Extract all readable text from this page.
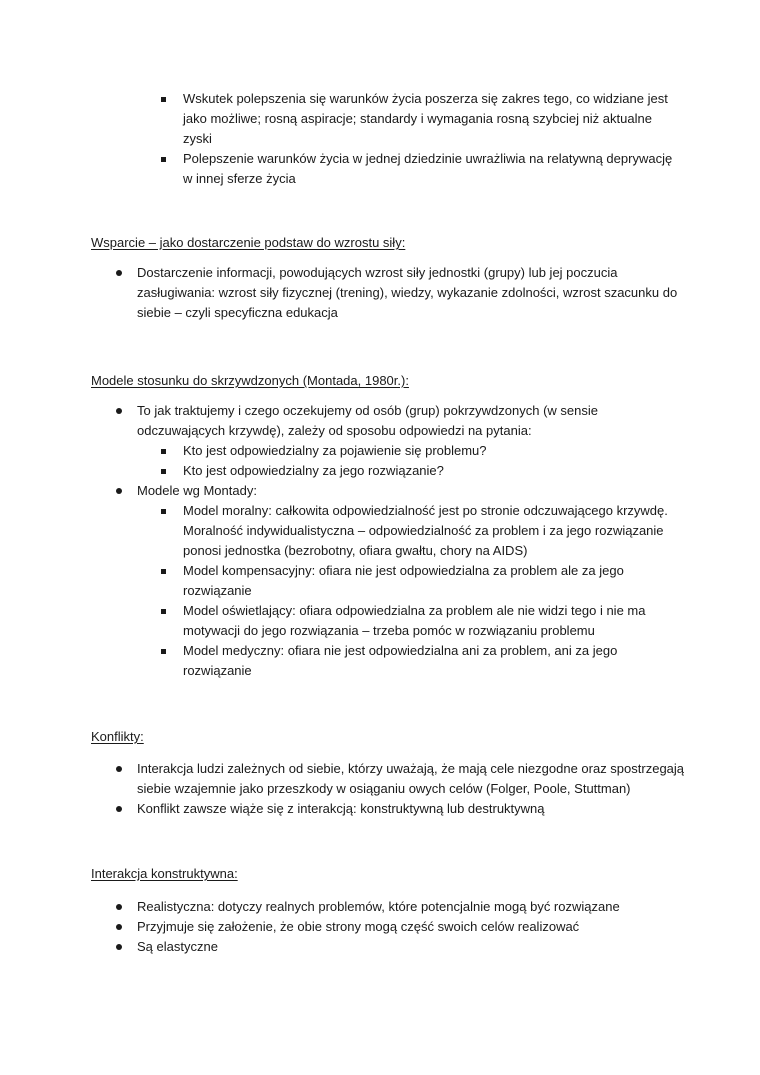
Wskutek polepszenia się warunków życia poszerza się zakres tego, co widziane jest
jako możliwe; rosną aspiracje; standardy i wymagania rosną szybciej niż aktualne
zyski
Polepszenie warunków życia w jednej dziedzinie uwrażliwia na relatywną deprywację
w innej sferze życia

Wsparcie – jako dostarczenie podstaw do wzrostu siły:

Dostarczenie informacji, powodujących wzrost siły jednostki (grupy) lub jej poczucia
zasługiwania: wzrost siły fizycznej (trening), wiedzy, wykazanie zdolności, wzrost szacunku do
siebie – czyli specyficzna edukacja

Modele stosunku do skrzywdzonych (Montada, 1980r.):

To jak traktujemy i czego oczekujemy od osób (grup) pokrzywdzonych (w sensie
odczuwających krzywdę), zależy od sposobu odpowiedzi na pytania:
Kto jest odpowiedzialny za pojawienie się problemu?
Kto jest odpowiedzialny za jego rozwiązanie?
Modele wg Montady:
Model moralny: całkowita odpowiedzialność jest po stronie odczuwającego krzywdę.
Moralność indywidualistyczna – odpowiedzialność za problem i za jego rozwiązanie
ponosi jednostka (bezrobotny, ofiara gwałtu, chory na AIDS)
Model kompensacyjny: ofiara nie jest odpowiedzialna za problem ale za jego
rozwiązanie
Model oświetlający: ofiara odpowiedzialna za problem ale nie widzi tego i nie ma
motywacji do jego rozwiązania – trzeba pomóc w rozwiązaniu problemu
Model medyczny: ofiara nie jest odpowiedzialna ani za problem, ani za jego
rozwiązanie

Konflikty:

Interakcja ludzi zależnych od siebie, którzy uważają, że mają cele niezgodne oraz spostrzegają
siebie wzajemnie jako przeszkody w osiąganiu owych celów (Folger, Poole, Stuttman)
Konflikt zawsze wiąże się z interakcją: konstruktywną lub destruktywną

Interakcja konstruktywna:

Realistyczna: dotyczy realnych problemów, które potencjalnie mogą być rozwiązane
Przyjmuje się założenie, że obie strony mogą część swoich celów realizować
Są elastyczne
